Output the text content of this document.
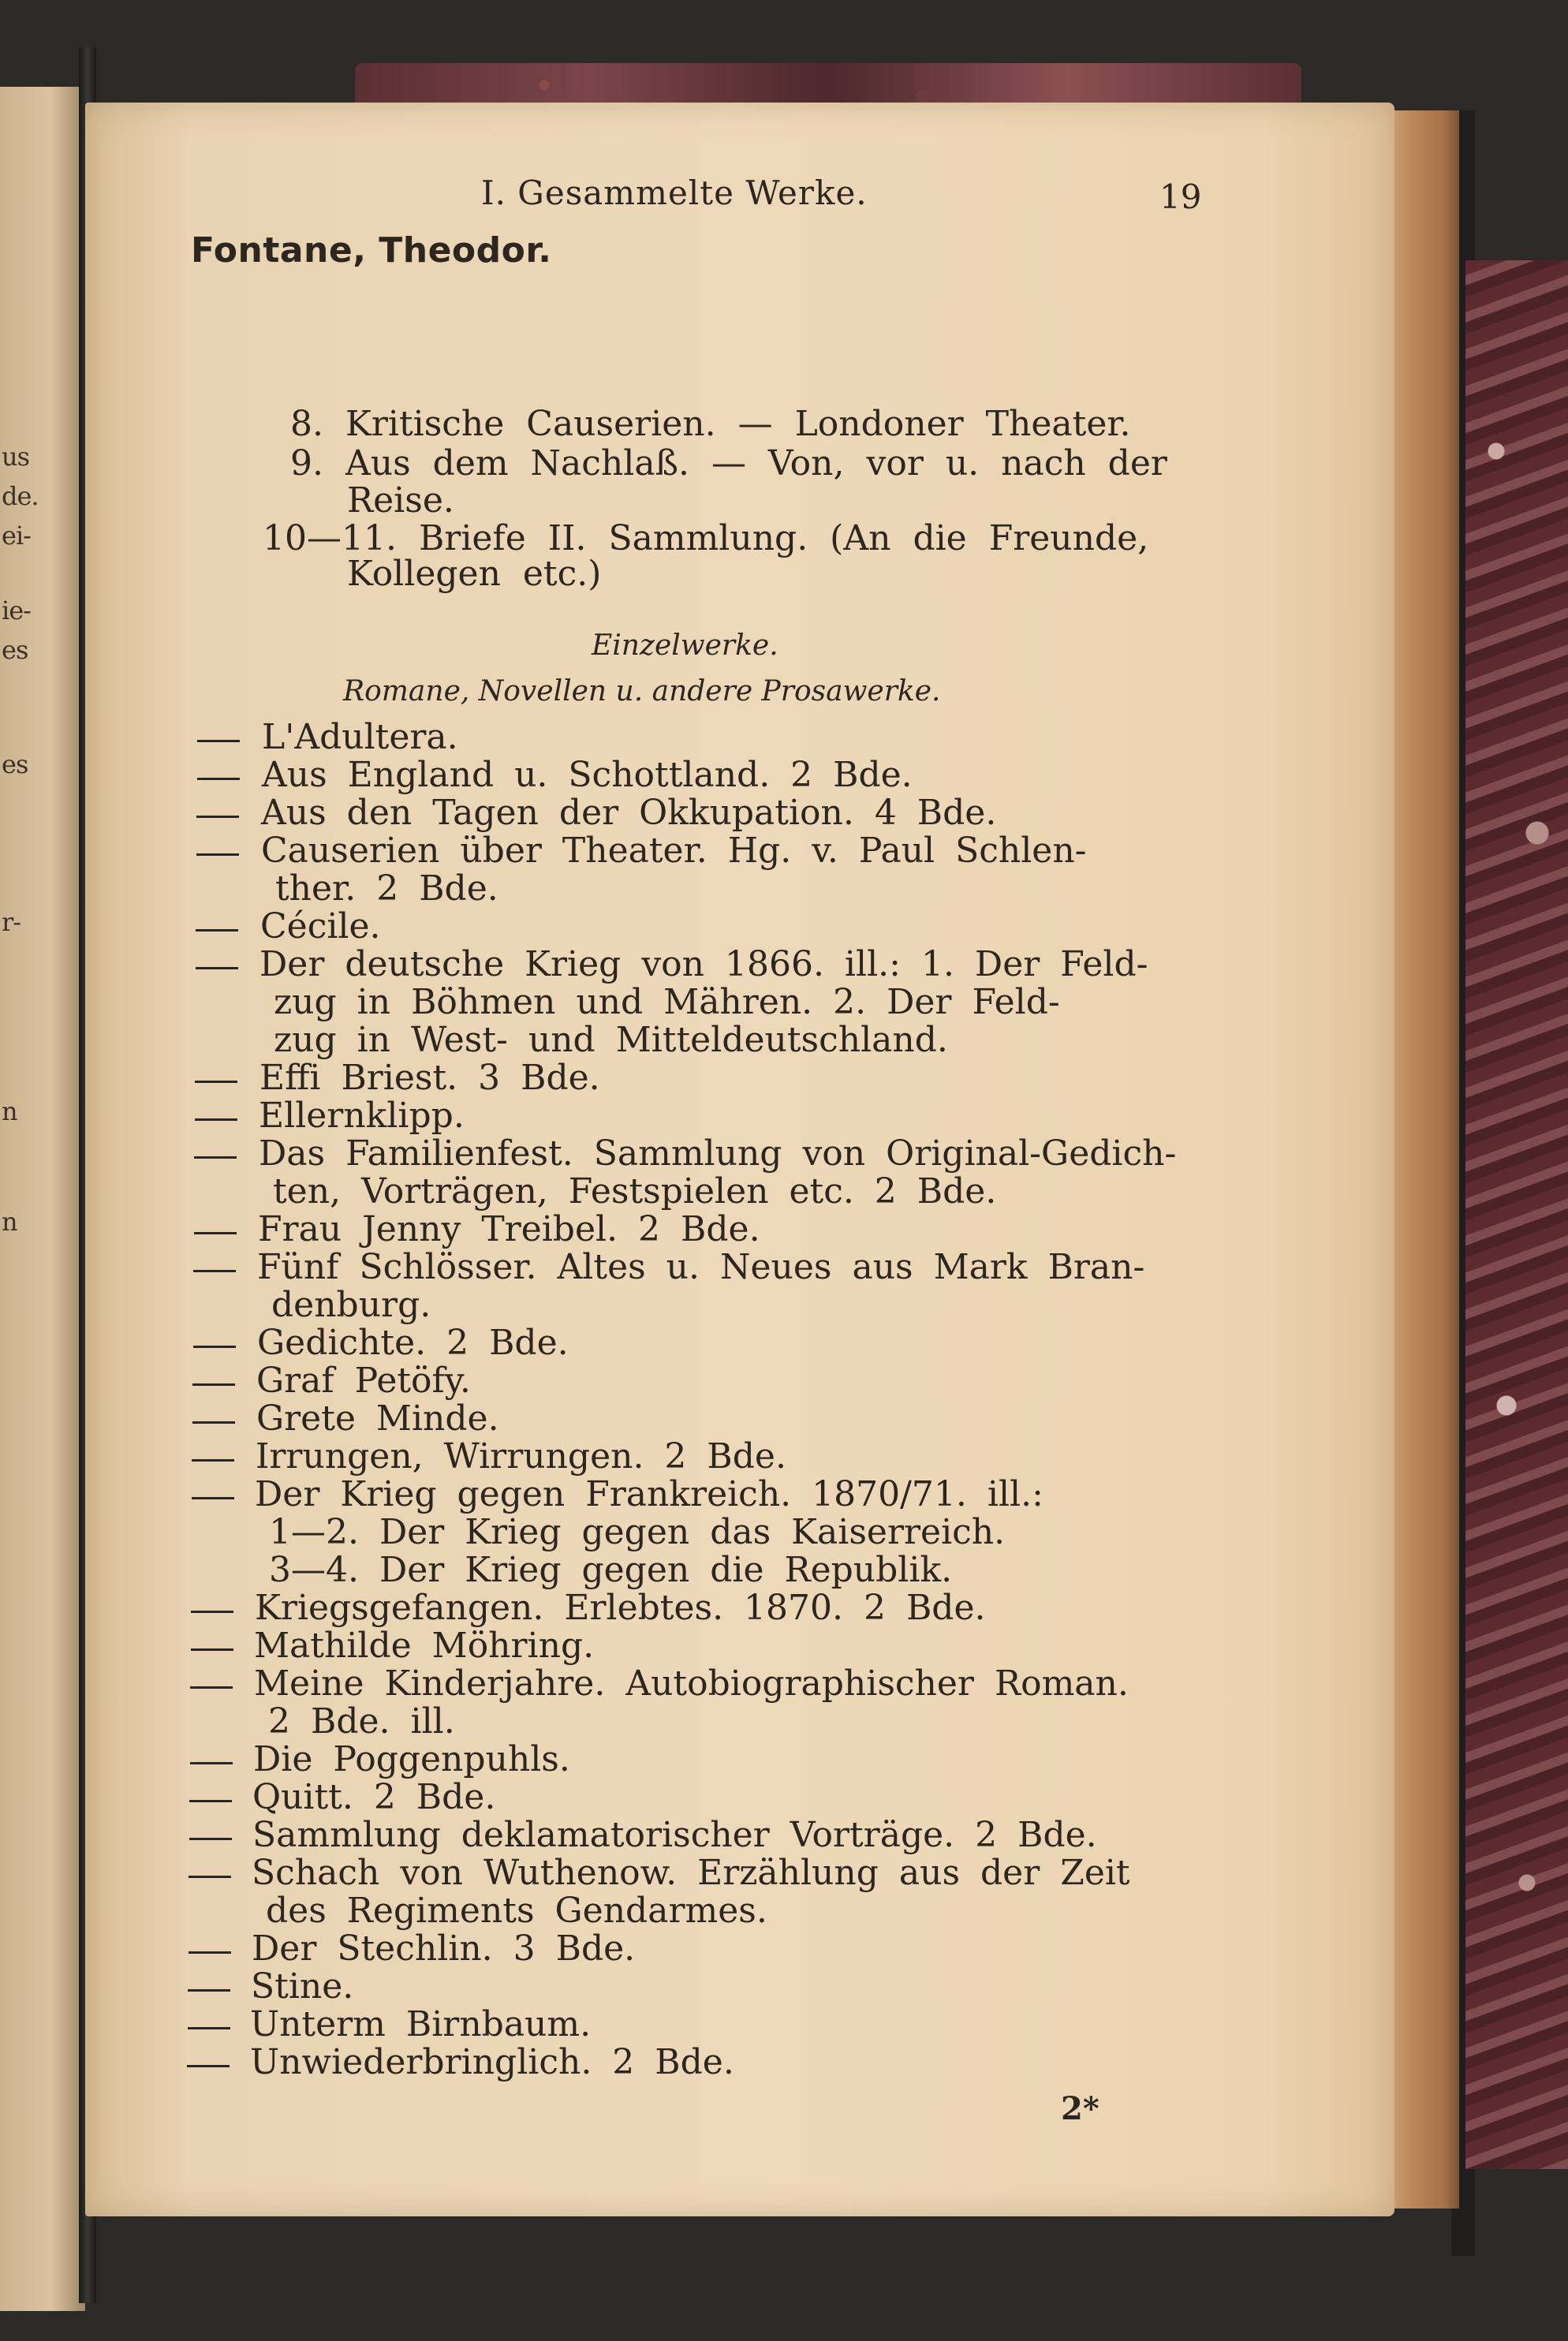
us
de.
ei-
ie-
es
es
r-
n
n
I. Gesammelte Werke.	19
Fontane, Theodor.
8. Kritische Causerien. — Londoner Theater.
9. Aus dem Nachlaß. — Von, vor u. nach der
Reise.
10—11. Briefe II. Sammlung. (An die Freunde,
Kollegen etc.)
Einzelwerke.
Romane, Novellen u. andere Prosawerke.
L'Adultera.
Aus England u. Schottland. 2 Bde.
Aus den Tagen der Okkupation. 4 Bde.
Causerien über Theater. Hg. v. Paul Schlen-
ther. 2 Bde.
Cécile.
Der deutsche Krieg von 1866. ill.: 1. Der Feld-
zug in Böhmen und Mähren. 2. Der Feld-
zug in West- und Mitteldeutschland.
Effi Briest. 3 Bde.
Ellernklipp.
Das Familienfest. Sammlung von Original-Gedich-
ten, Vorträgen, Festspielen etc. 2 Bde.
Frau Jenny Treibel. 2 Bde.
Fünf Schlösser. Altes u. Neues aus Mark Bran-
denburg.
Gedichte. 2 Bde.
Graf Petöfy.
Grete Minde.
Irrungen, Wirrungen. 2 Bde.
Der Krieg gegen Frankreich. 1870/71. ill.:
1—2. Der Krieg gegen das Kaiserreich.
3—4. Der Krieg gegen die Republik.
Kriegsgefangen. Erlebtes. 1870. 2 Bde.
Mathilde Möhring.
Meine Kinderjahre. Autobiographischer Roman.
2 Bde. ill.
Die Poggenpuhls.
Quitt. 2 Bde.
Sammlung deklamatorischer Vorträge. 2 Bde.
Schach von Wuthenow. Erzählung aus der Zeit
des Regiments Gendarmes.
Der Stechlin. 3 Bde.
Stine.
Unterm Birnbaum.
Unwiederbringlich. 2 Bde.
2*
